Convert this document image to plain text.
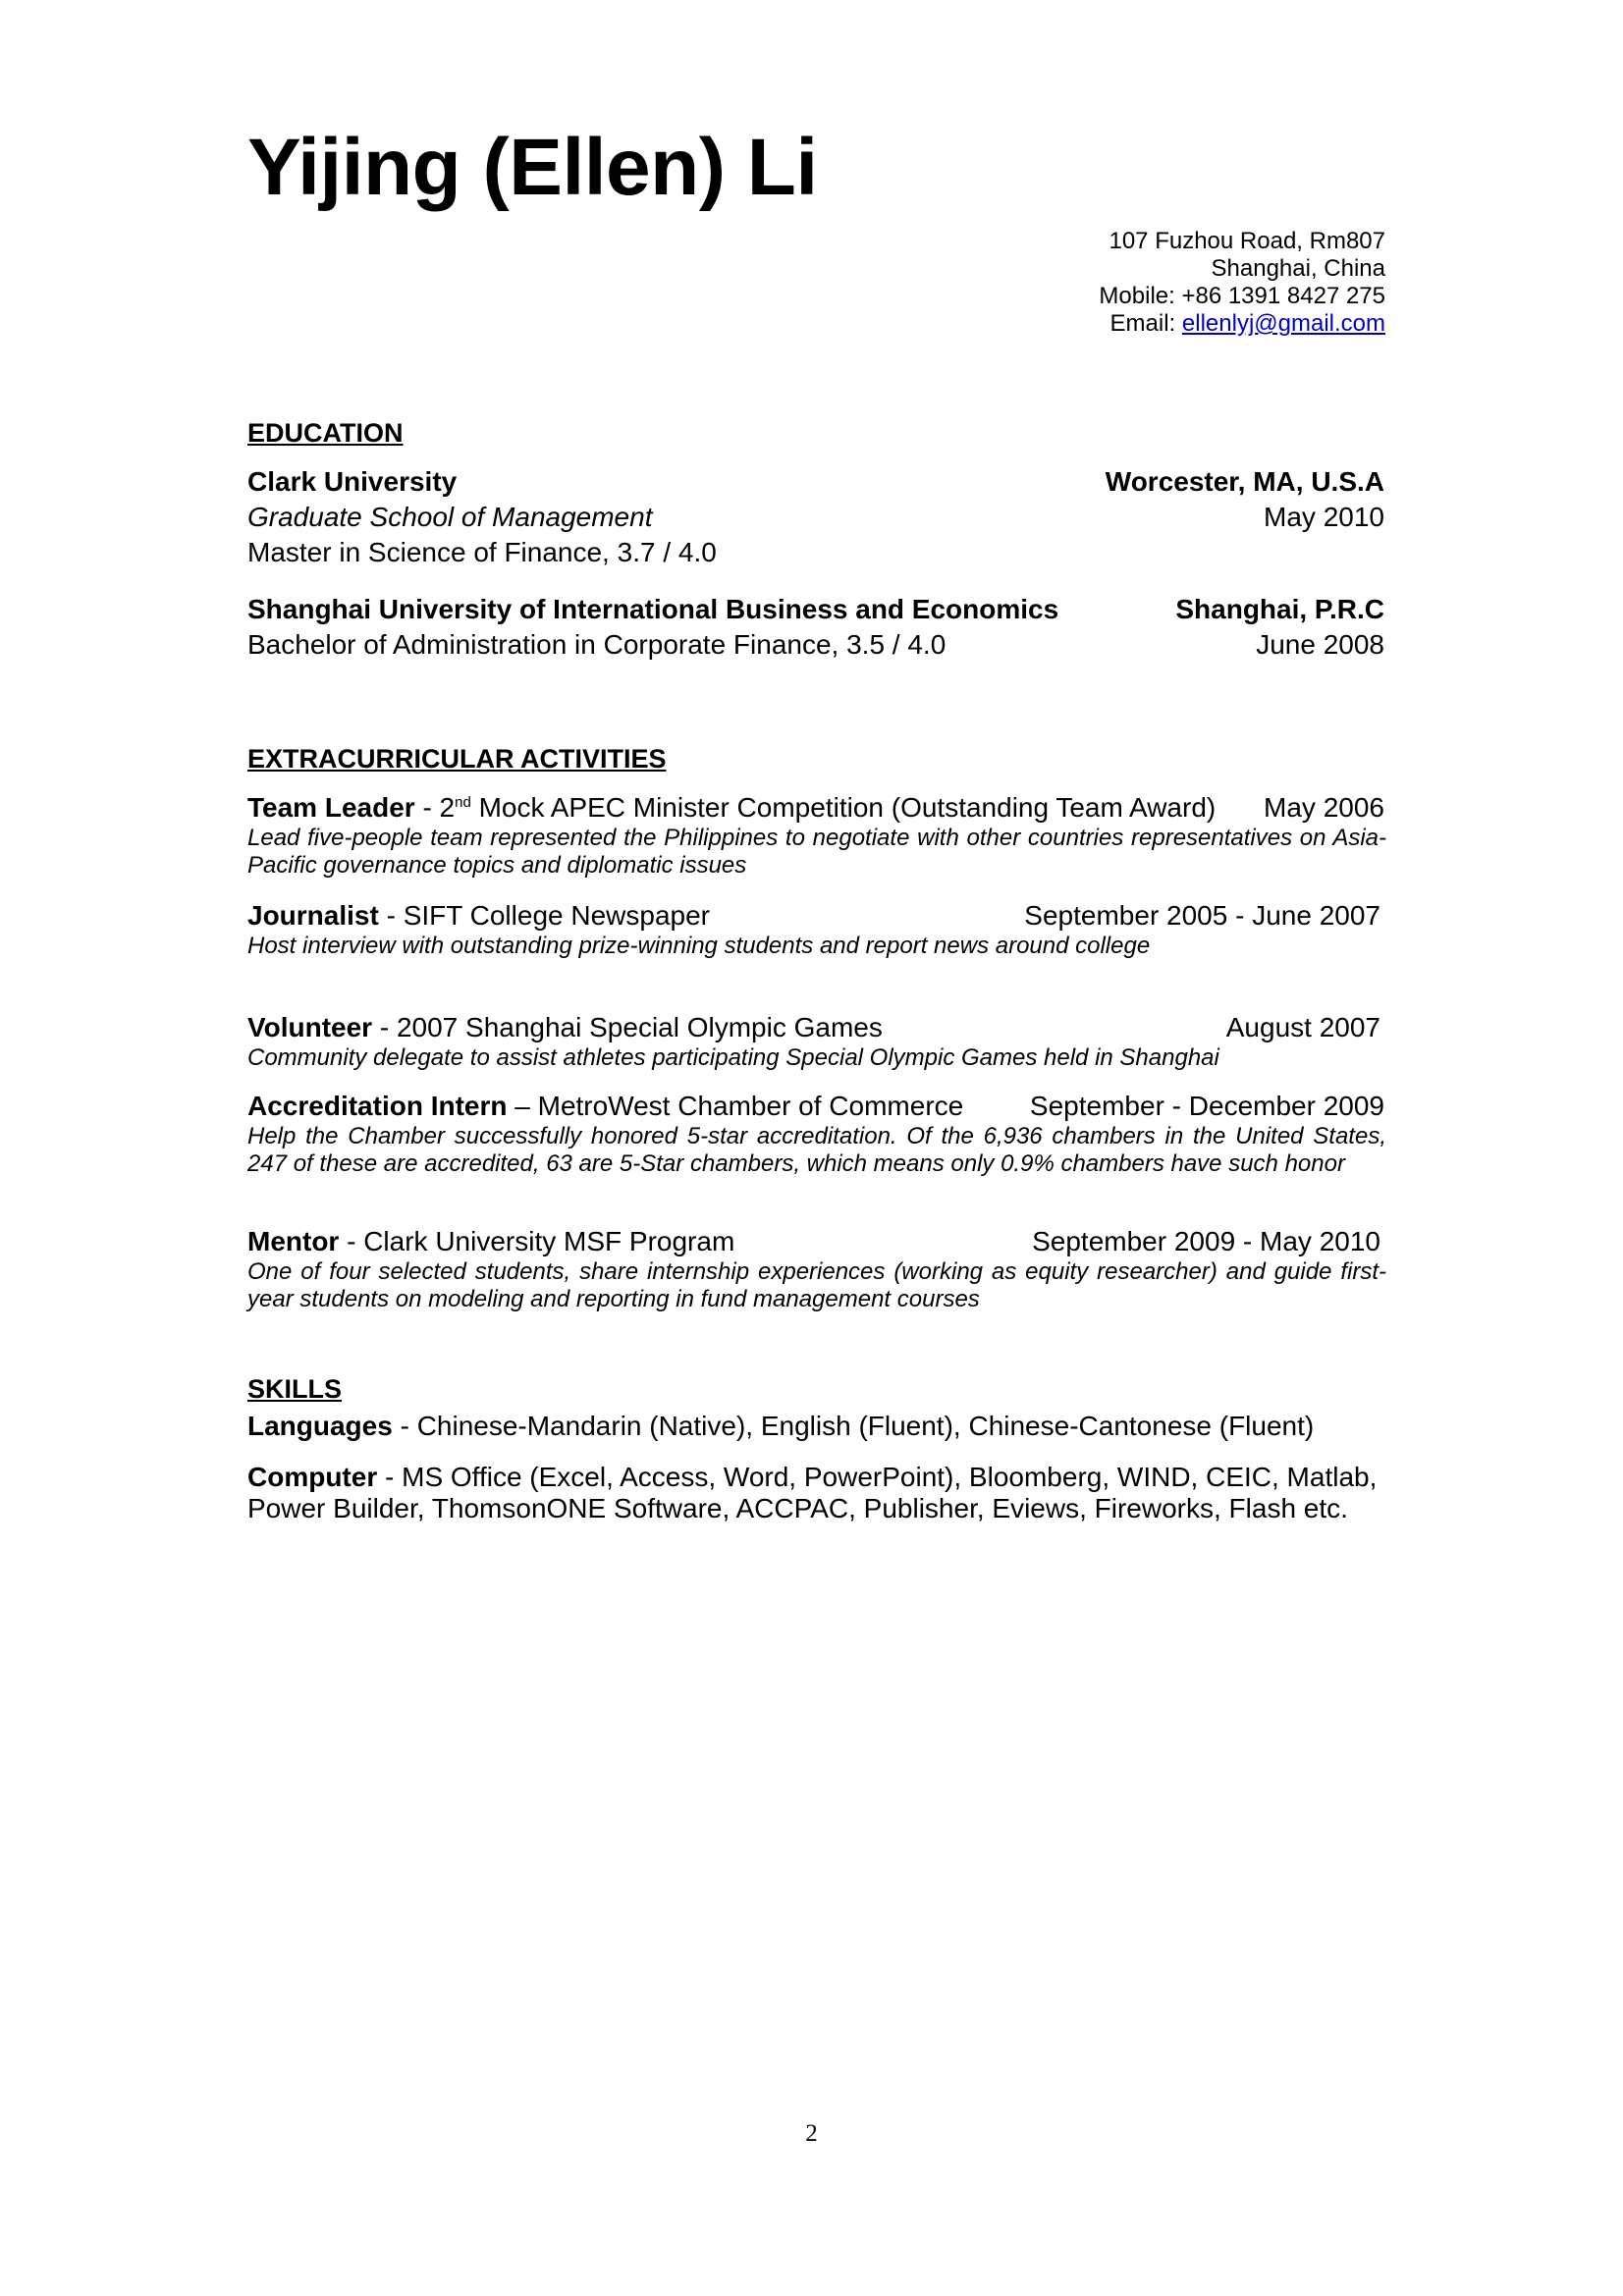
Yijing (Ellen) Li
107 Fuzhou Road, Rm807
Shanghai, China
Mobile: +86 1391 8427 275
Email: ellenlyj@gmail.com
EDUCATION
Clark University	Worcester, MA, U.S.A
Graduate School of Management	May 2010
Master in Science of Finance, 3.7 / 4.0
Shanghai University of International Business and Economics	Shanghai, P.R.C
Bachelor of Administration in Corporate Finance, 3.5 / 4.0	June 2008
EXTRACURRICULAR ACTIVITIES
Team Leader - 2nd Mock APEC Minister Competition (Outstanding Team Award) May 2006
Lead five-people team represented the Philippines to negotiate with other countries representatives on Asia-Pacific governance topics and diplomatic issues
Journalist - SIFT College Newspaper	September 2005 - June 2007
Host interview with outstanding prize-winning students and report news around college
Volunteer - 2007 Shanghai Special Olympic Games	August 2007
Community delegate to assist athletes participating Special Olympic Games held in Shanghai
Accreditation Intern – MetroWest Chamber of Commerce September - December 2009
Help the Chamber successfully honored 5-star accreditation. Of the 6,936 chambers in the United States, 247 of these are accredited, 63 are 5-Star chambers, which means only 0.9% chambers have such honor
Mentor - Clark University MSF Program	September 2009 - May 2010
One of four selected students, share internship experiences (working as equity researcher) and guide first-year students on modeling and reporting in fund management courses
SKILLS
Languages - Chinese-Mandarin (Native), English (Fluent), Chinese-Cantonese (Fluent)
Computer - MS Office (Excel, Access, Word, PowerPoint), Bloomberg, WIND, CEIC, Matlab,
Power Builder, ThomsonONE Software, ACCPAC, Publisher, Eviews, Fireworks, Flash etc.
2
